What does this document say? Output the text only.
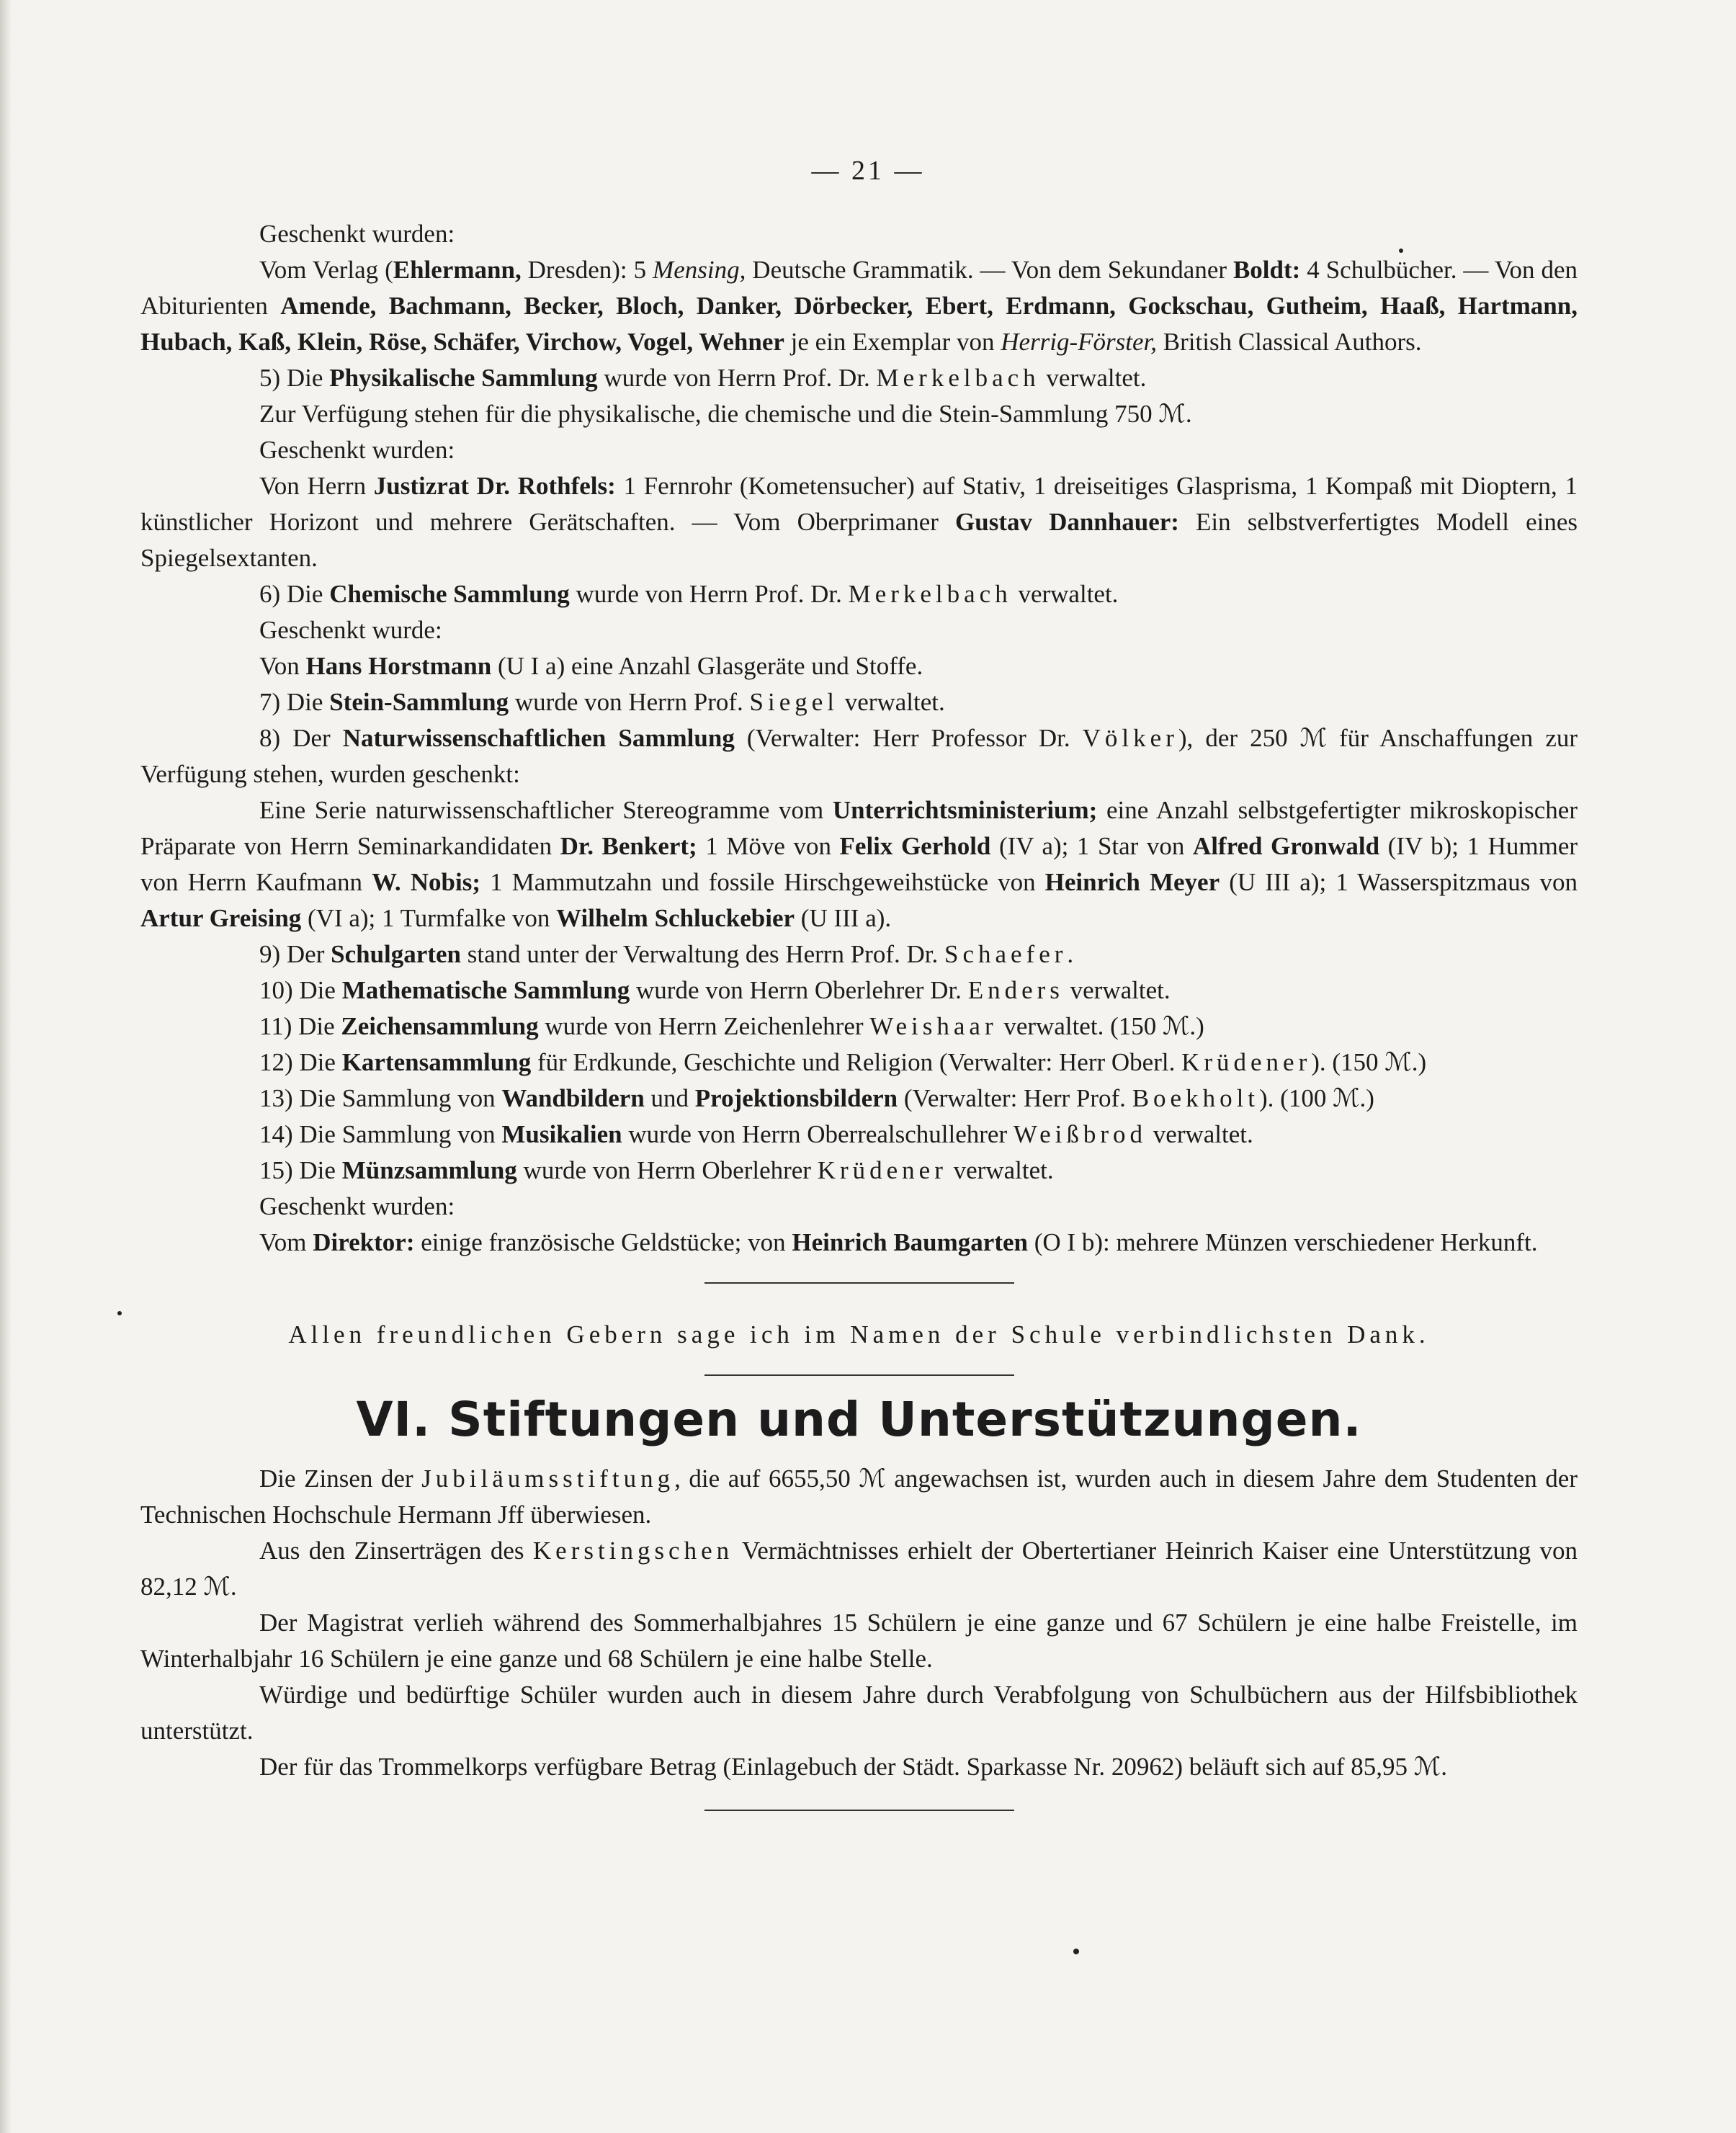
— 21 —

Geschenkt wurden:

Vom Verlag (Ehlermann, Dresden): 5 Mensing, Deutsche Grammatik. — Von dem Sekundaner Boldt: 4 Schulbücher. — Von den Abiturienten Amende, Bachmann, Becker, Bloch, Danker, Dörbecker, Ebert, Erdmann, Gockschau, Gutheim, Haaß, Hartmann, Hubach, Kaß, Klein, Röse, Schäfer, Virchow, Vogel, Wehner je ein Exemplar von Herrig-Förster, British Classical Authors.

5) Die Physikalische Sammlung wurde von Herrn Prof. Dr. Merkelbach verwaltet.

Zur Verfügung stehen für die physikalische, die chemische und die Stein-Sammlung 750 ℳ.

Geschenkt wurden:

Von Herrn Justizrat Dr. Rothfels: 1 Fernrohr (Kometensucher) auf Stativ, 1 dreiseitiges Glasprisma, 1 Kompaß mit Dioptern, 1 künstlicher Horizont und mehrere Gerätschaften. — Vom Oberprimaner Gustav Dannhauer: Ein selbstverfertigtes Modell eines Spiegelsextanten.

6) Die Chemische Sammlung wurde von Herrn Prof. Dr. Merkelbach verwaltet.

Geschenkt wurde:

Von Hans Horstmann (U I a) eine Anzahl Glasgeräte und Stoffe.

7) Die Stein-Sammlung wurde von Herrn Prof. Siegel verwaltet.

8) Der Naturwissenschaftlichen Sammlung (Verwalter: Herr Professor Dr. Völker), der 250 ℳ für Anschaffungen zur Verfügung stehen, wurden geschenkt:

Eine Serie naturwissenschaftlicher Stereogramme vom Unterrichtsministerium; eine Anzahl selbstgefertigter mikroskopischer Präparate von Herrn Seminarkandidaten Dr. Benkert; 1 Möve von Felix Gerhold (IV a); 1 Star von Alfred Gronwald (IV b); 1 Hummer von Herrn Kaufmann W. Nobis; 1 Mammutzahn und fossile Hirschgeweihstücke von Heinrich Meyer (U III a); 1 Wasserspitzmaus von Artur Greising (VI a); 1 Turmfalke von Wilhelm Schluckebier (U III a).

9) Der Schulgarten stand unter der Verwaltung des Herrn Prof. Dr. Schaefer.

10) Die Mathematische Sammlung wurde von Herrn Oberlehrer Dr. Enders verwaltet.

11) Die Zeichensammlung wurde von Herrn Zeichenlehrer Weishaar verwaltet. (150 ℳ.)

12) Die Kartensammlung für Erdkunde, Geschichte und Religion (Verwalter: Herr Oberl. Krüdener). (150 ℳ.)

13) Die Sammlung von Wandbildern und Projektionsbildern (Verwalter: Herr Prof. Boekholt). (100 ℳ.)

14) Die Sammlung von Musikalien wurde von Herrn Oberrealschullehrer Weißbrod verwaltet.

15) Die Münzsammlung wurde von Herrn Oberlehrer Krüdener verwaltet.

Geschenkt wurden:

Vom Direktor: einige französische Geldstücke; von Heinrich Baumgarten (O I b): mehrere Münzen verschiedener Herkunft.

Allen freundlichen Gebern sage ich im Namen der Schule verbindlichsten Dank.

VI. Stiftungen und Unterstützungen.

Die Zinsen der Jubiläumsstiftung, die auf 6655,50 ℳ angewachsen ist, wurden auch in diesem Jahre dem Studenten der Technischen Hochschule Hermann Jff überwiesen.

Aus den Zinserträgen des Kerstingschen Vermächtnisses erhielt der Obertertianer Heinrich Kaiser eine Unterstützung von 82,12 ℳ.

Der Magistrat verlieh während des Sommerhalbjahres 15 Schülern je eine ganze und 67 Schülern je eine halbe Freistelle, im Winterhalbjahr 16 Schülern je eine ganze und 68 Schülern je eine halbe Stelle.

Würdige und bedürftige Schüler wurden auch in diesem Jahre durch Verabfolgung von Schulbüchern aus der Hilfsbibliothek unterstützt.

Der für das Trommelkorps verfügbare Betrag (Einlagebuch der Städt. Sparkasse Nr. 20962) beläuft sich auf 85,95 ℳ.
